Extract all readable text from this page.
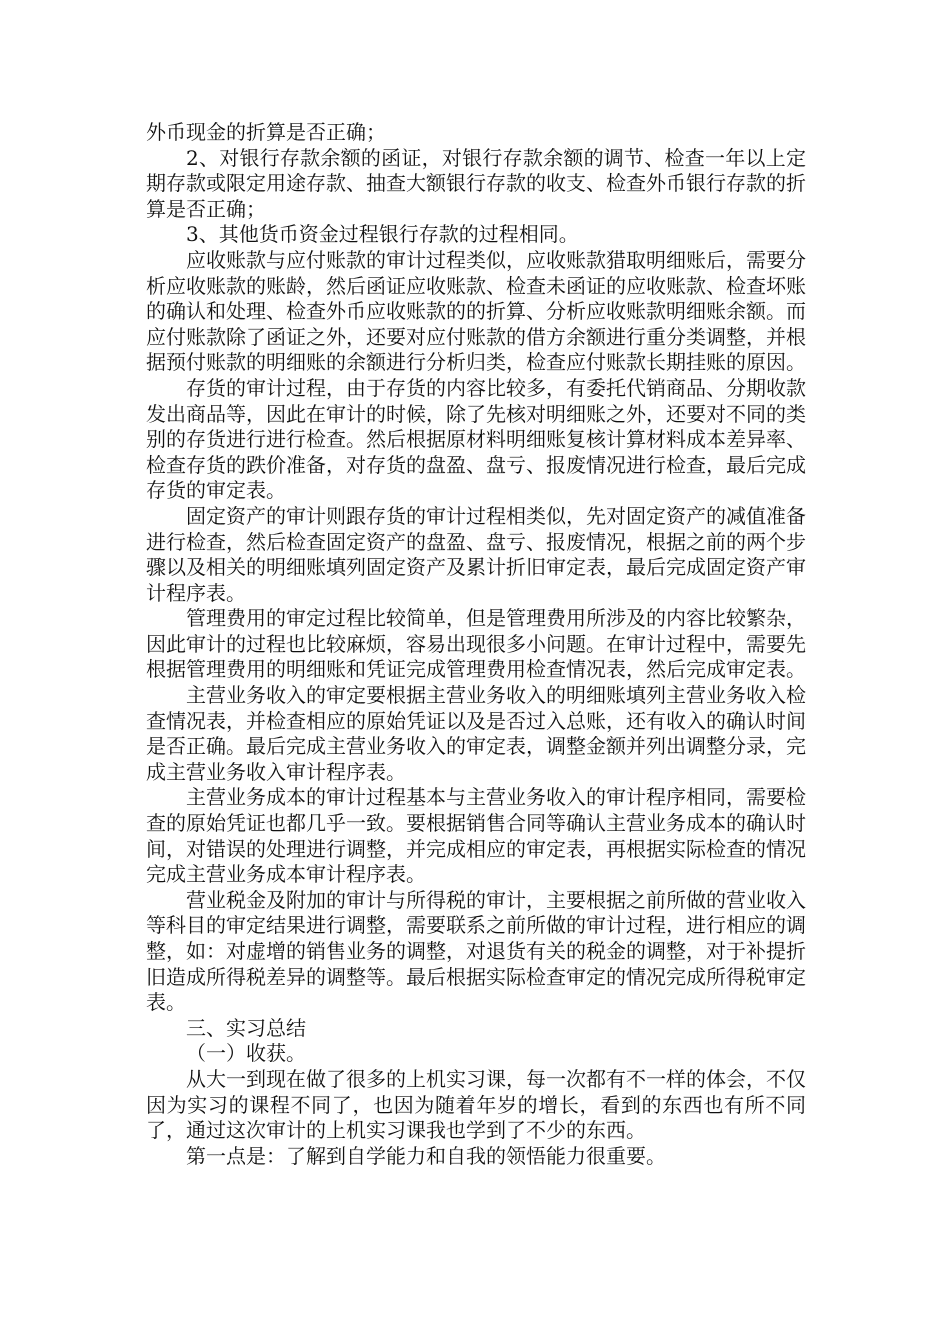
外币现金的折算是否正确；

2、对银行存款余额的函证，对银行存款余额的调节、检查一年以上定期存款或限定用途存款、抽查大额银行存款的收支、检查外币银行存款的折算是否正确；

3、其他货币资金过程银行存款的过程相同。

应收账款与应付账款的审计过程类似，应收账款猎取明细账后，需要分析应收账款的账龄，然后函证应收账款、检查未函证的应收账款、检查坏账的确认和处理、检查外币应收账款的的折算、分析应收账款明细账余额。而应付账款除了函证之外，还要对应付账款的借方余额进行重分类调整，并根据预付账款的明细账的余额进行分析归类，检查应付账款长期挂账的原因。

存货的审计过程，由于存货的内容比较多，有委托代销商品、分期收款发出商品等，因此在审计的时候，除了先核对明细账之外，还要对不同的类别的存货进行进行检查。然后根据原材料明细账复核计算材料成本差异率、检查存货的跌价准备，对存货的盘盈、盘亏、报废情况进行检查，最后完成存货的审定表。

固定资产的审计则跟存货的审计过程相类似，先对固定资产的减值准备进行检查，然后检查固定资产的盘盈、盘亏、报废情况，根据之前的两个步骤以及相关的明细账填列固定资产及累计折旧审定表，最后完成固定资产审计程序表。

管理费用的审定过程比较简单，但是管理费用所涉及的内容比较繁杂，因此审计的过程也比较麻烦，容易出现很多小问题。在审计过程中，需要先根据管理费用的明细账和凭证完成管理费用检查情况表，然后完成审定表。

主营业务收入的审定要根据主营业务收入的明细账填列主营业务收入检查情况表，并检查相应的原始凭证以及是否过入总账，还有收入的确认时间是否正确。最后完成主营业务收入的审定表，调整金额并列出调整分录，完成主营业务收入审计程序表。

主营业务成本的审计过程基本与主营业务收入的审计程序相同，需要检查的原始凭证也都几乎一致。要根据销售合同等确认主营业务成本的确认时间，对错误的处理进行调整，并完成相应的审定表，再根据实际检查的情况完成主营业务成本审计程序表。

营业税金及附加的审计与所得税的审计，主要根据之前所做的营业收入等科目的审定结果进行调整，需要联系之前所做的审计过程，进行相应的调整，如：对虚增的销售业务的调整，对退货有关的税金的调整，对于补提折旧造成所得税差异的调整等。最后根据实际检查审定的情况完成所得税审定表。

三、实习总结

（一）收获。

从大一到现在做了很多的上机实习课，每一次都有不一样的体会，不仅因为实习的课程不同了，也因为随着年岁的增长，看到的东西也有所不同了，通过这次审计的上机实习课我也学到了不少的东西。

第一点是：了解到自学能力和自我的领悟能力很重要。
